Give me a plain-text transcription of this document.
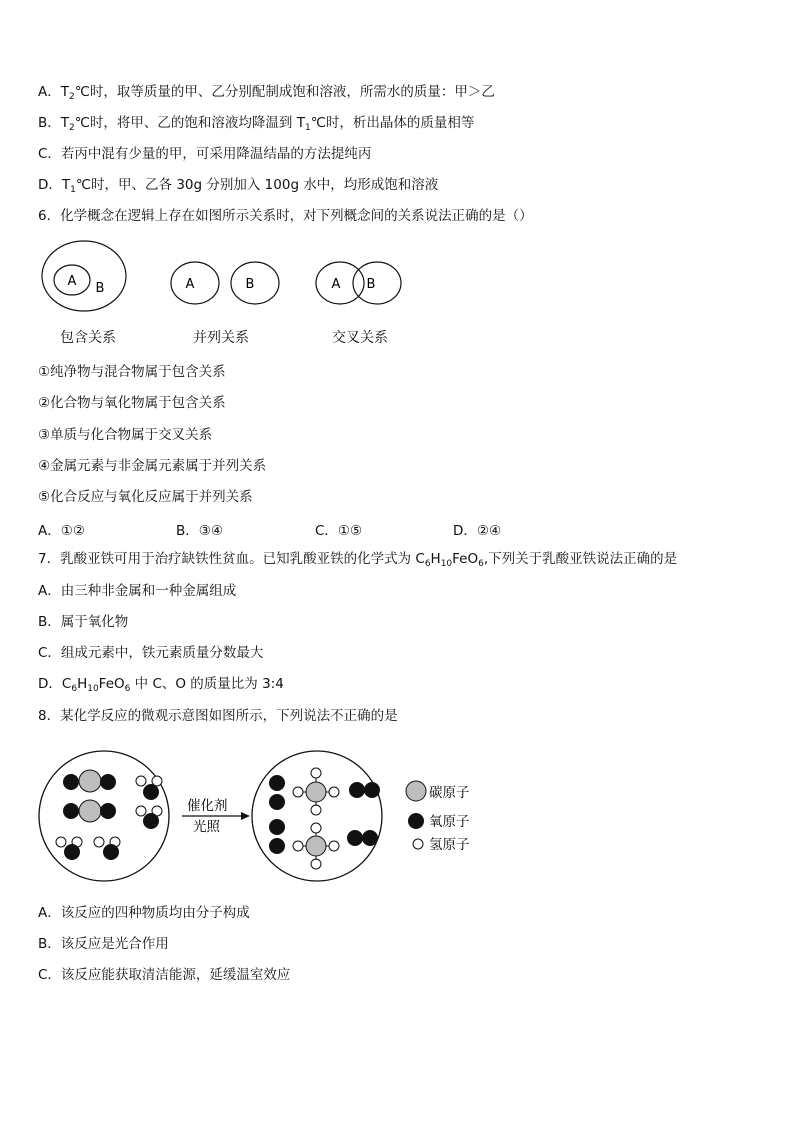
A．$T_2℃$时，取等质量的甲、乙分别配制成饱和溶液，所需水的质量：甲＞乙
B．$T_2℃$时，将甲、乙的饱和溶液均降温到 $T_1℃$时，析出晶体的质量相等
C．若丙中混有少量的甲，可采用降温结晶的方法提纯丙
D．$T_1℃$时，甲、乙各 30g 分别加入 100g 水中，均形成饱和溶液
6．化学概念在逻辑上存在如图所示关系时，对下列概念间的关系说法正确的是（）
A B	A	B	A B
包含关系	并列关系	交叉关系
①纯净物与混合物属于包含关系
②化合物与氧化物属于包含关系
③单质与化合物属于交叉关系
④金属元素与非金属元素属于并列关系
⑤化合反应与氧化反应属于并列关系
A．①②	B．③④	C．①⑤	D．②④
7．乳酸亚铁可用于治疗缺铁性贫血。已知乳酸亚铁的化学式为 $C_6H_{10}FeO_6$,下列关于乳酸亚铁说法正确的是
A．由三种非金属和一种金属组成
B．属于氧化物
C．组成元素中，铁元素质量分数最大
D．$C_6H_{10}FeO_6$ 中 C、O 的质量比为 3:4
8．某化学反应的微观示意图如图所示，下列说法不正确的是
催化剂
光照
碳原子
氧原子
氢原子
A．该反应的四种物质均由分子构成
B．该反应是光合作用
C．该反应能获取清洁能源，延缓温室效应
